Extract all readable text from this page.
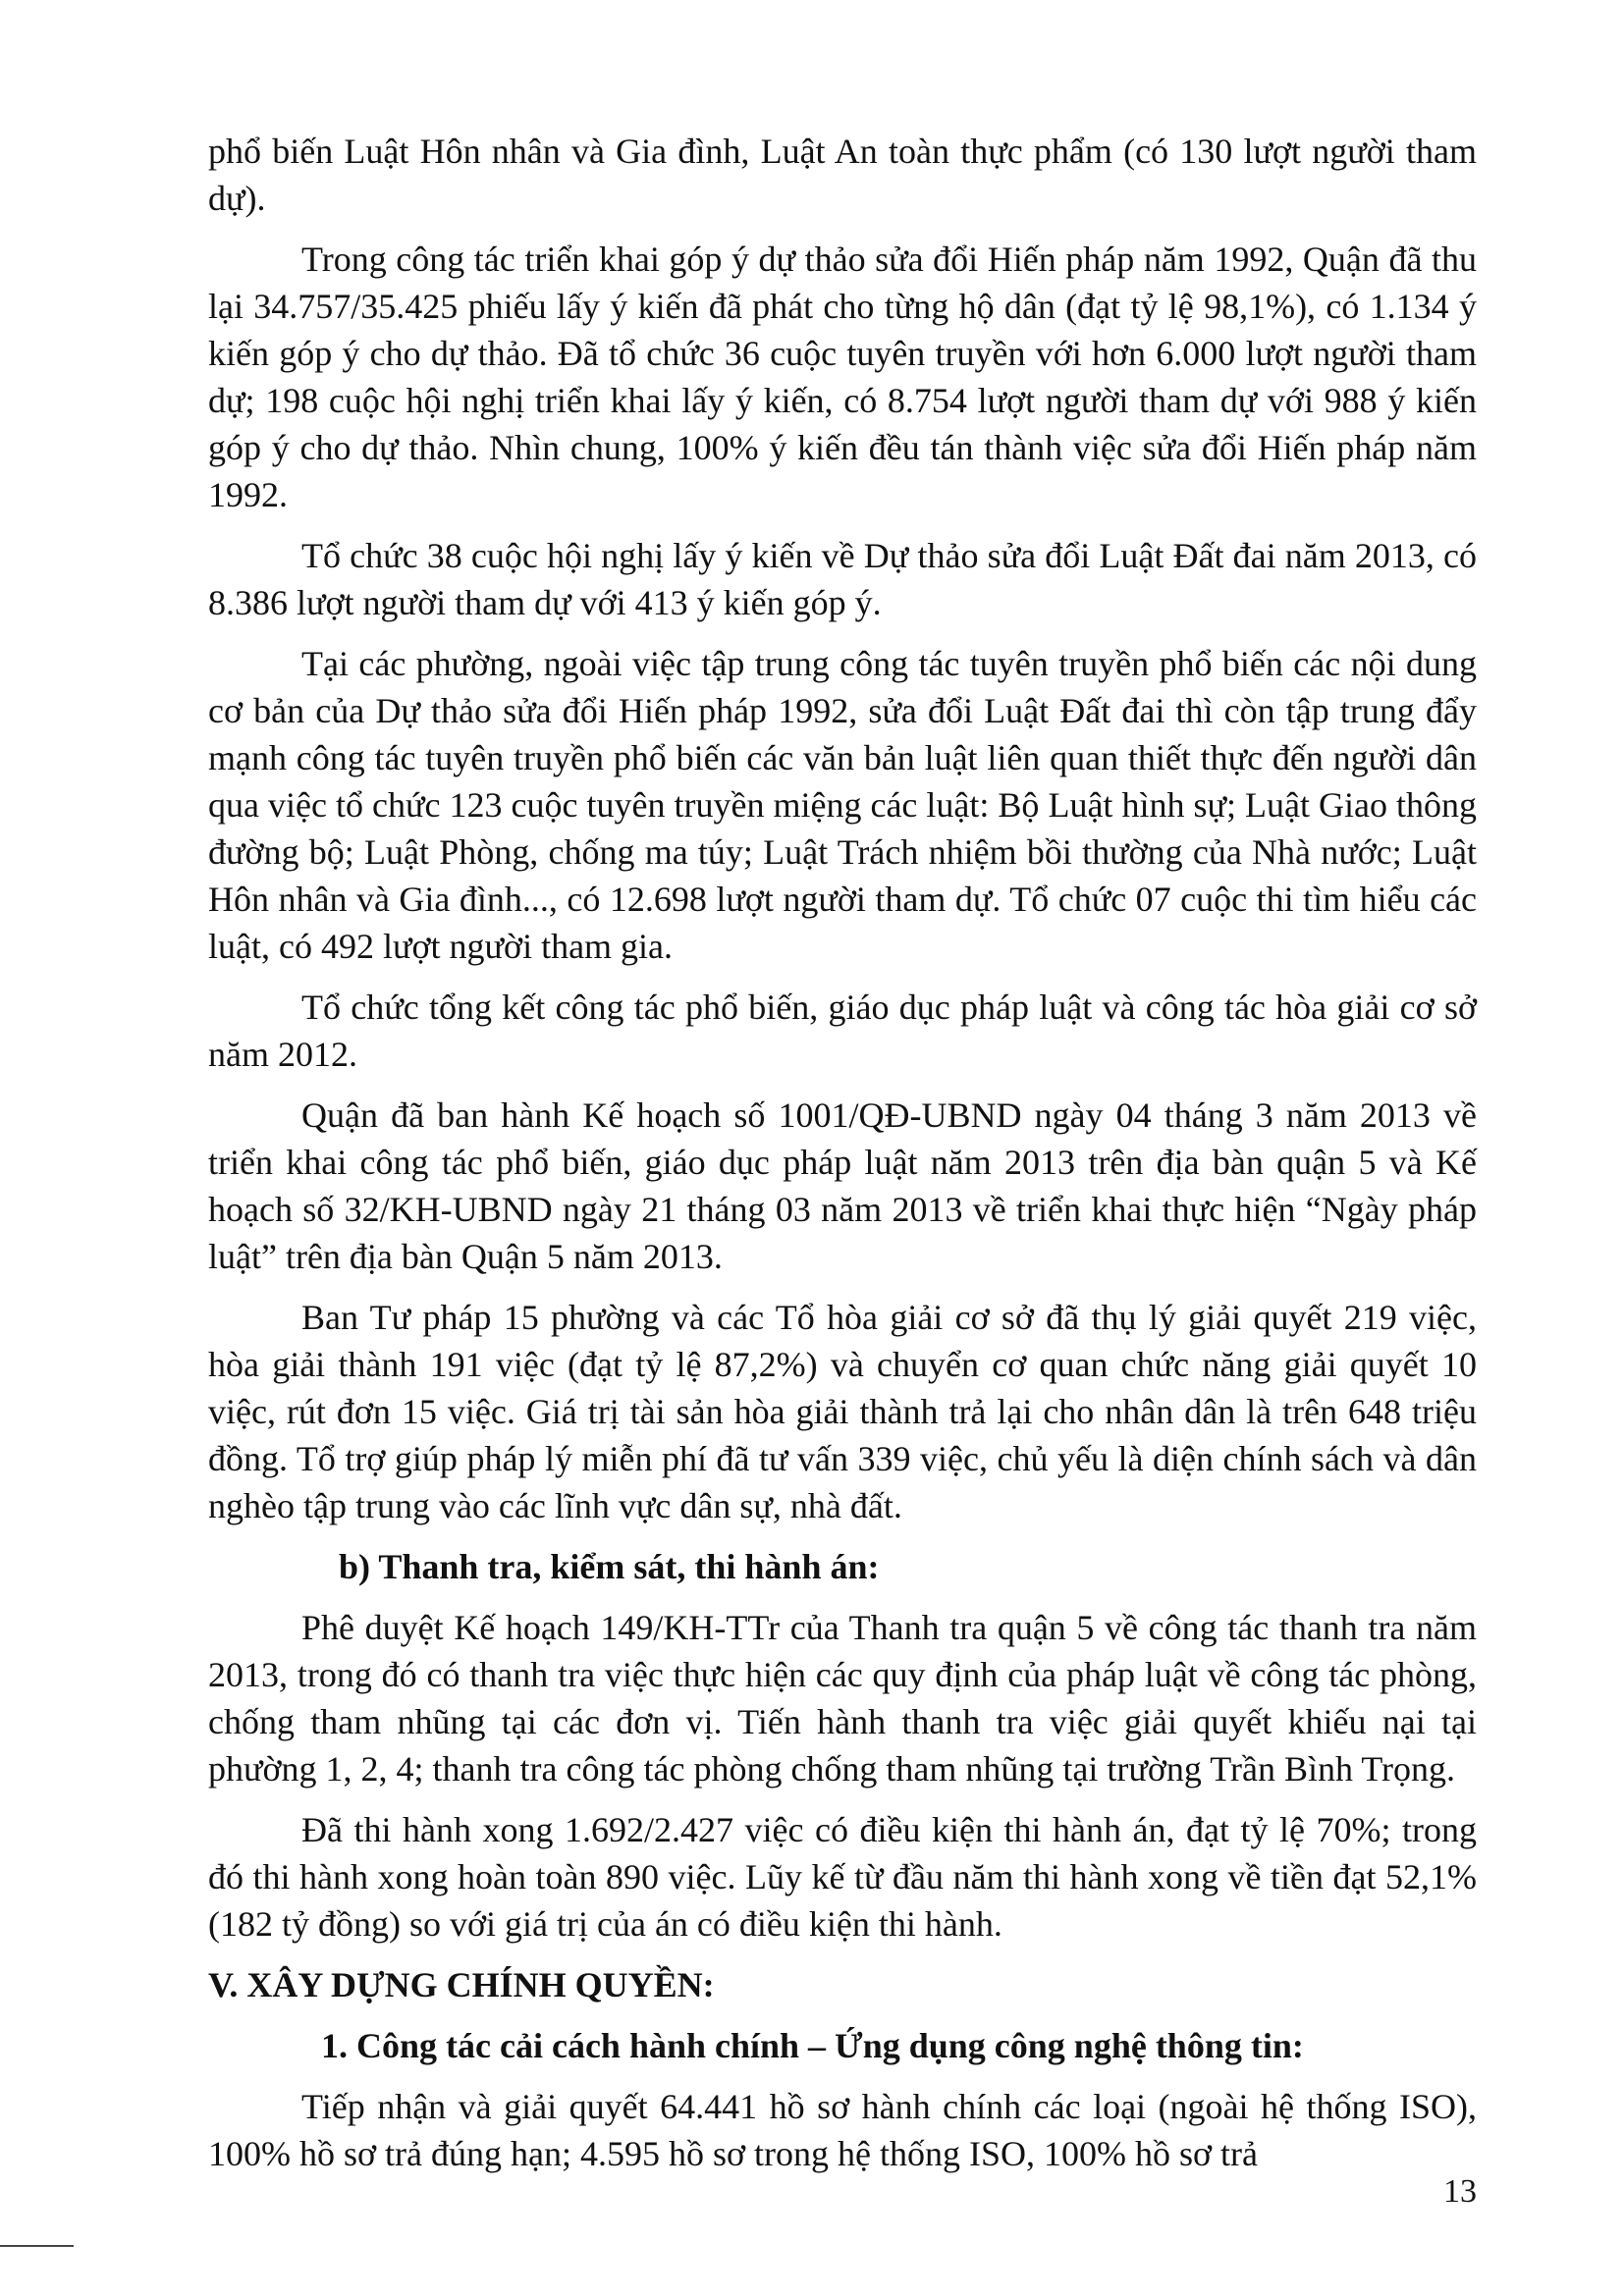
phổ biến Luật Hôn nhân và Gia đình, Luật An toàn thực phẩm (có 130 lượt người tham dự).

Trong công tác triển khai góp ý dự thảo sửa đổi Hiến pháp năm 1992, Quận đã thu lại 34.757/35.425 phiếu lấy ý kiến đã phát cho từng hộ dân (đạt tỷ lệ 98,1%), có 1.134 ý kiến góp ý cho dự thảo. Đã tổ chức 36 cuộc tuyên truyền với hơn 6.000 lượt người tham dự; 198 cuộc hội nghị triển khai lấy ý kiến, có 8.754 lượt người tham dự với 988 ý kiến góp ý cho dự thảo. Nhìn chung, 100% ý kiến đều tán thành việc sửa đổi Hiến pháp năm 1992.

Tổ chức 38 cuộc hội nghị lấy ý kiến về Dự thảo sửa đổi Luật Đất đai năm 2013, có 8.386 lượt người tham dự với 413 ý kiến góp ý.

Tại các phường, ngoài việc tập trung công tác tuyên truyền phổ biến các nội dung cơ bản của Dự thảo sửa đổi Hiến pháp 1992, sửa đổi Luật Đất đai thì còn tập trung đẩy mạnh công tác tuyên truyền phổ biến các văn bản luật liên quan thiết thực đến người dân qua việc tổ chức 123 cuộc tuyên truyền miệng các luật: Bộ Luật hình sự; Luật Giao thông đường bộ; Luật Phòng, chống ma túy; Luật Trách nhiệm bồi thường của Nhà nước; Luật Hôn nhân và Gia đình..., có 12.698 lượt người tham dự. Tổ chức 07 cuộc thi tìm hiểu các luật, có 492 lượt người tham gia.

Tổ chức tổng kết công tác phổ biến, giáo dục pháp luật và công tác hòa giải cơ sở năm 2012.

Quận đã ban hành Kế hoạch số 1001/QĐ-UBND ngày 04 tháng 3 năm 2013 về triển khai công tác phổ biến, giáo dục pháp luật năm 2013 trên địa bàn quận 5 và Kế hoạch số 32/KH-UBND ngày 21 tháng 03 năm 2013 về triển khai thực hiện “Ngày pháp luật” trên địa bàn Quận 5 năm 2013.

Ban Tư pháp 15 phường và các Tổ hòa giải cơ sở đã thụ lý giải quyết 219 việc, hòa giải thành 191 việc (đạt tỷ lệ 87,2%) và chuyển cơ quan chức năng giải quyết 10 việc, rút đơn 15 việc. Giá trị tài sản hòa giải thành trả lại cho nhân dân là trên 648 triệu đồng. Tổ trợ giúp pháp lý miễn phí đã tư vấn 339 việc, chủ yếu là diện chính sách và dân nghèo tập trung vào các lĩnh vực dân sự, nhà đất.

b) Thanh tra, kiểm sát, thi hành án:

Phê duyệt Kế hoạch 149/KH-TTr của Thanh tra quận 5 về công tác thanh tra năm 2013, trong đó có thanh tra việc thực hiện các quy định của pháp luật về công tác phòng, chống tham nhũng tại các đơn vị. Tiến hành thanh tra việc giải quyết khiếu nại tại phường 1, 2, 4; thanh tra công tác phòng chống tham nhũng tại trường Trần Bình Trọng.

Đã thi hành xong 1.692/2.427 việc có điều kiện thi hành án, đạt tỷ lệ 70%; trong đó thi hành xong hoàn toàn 890 việc. Lũy kế từ đầu năm thi hành xong về tiền đạt 52,1% (182 tỷ đồng) so với giá trị của án có điều kiện thi hành.

V. XÂY DỰNG CHÍNH QUYỀN:
1. Công tác cải cách hành chính – Ứng dụng công nghệ thông tin:

Tiếp nhận và giải quyết 64.441 hồ sơ hành chính các loại (ngoài hệ thống ISO), 100% hồ sơ trả đúng hạn; 4.595 hồ sơ trong hệ thống ISO, 100% hồ sơ trả

13
